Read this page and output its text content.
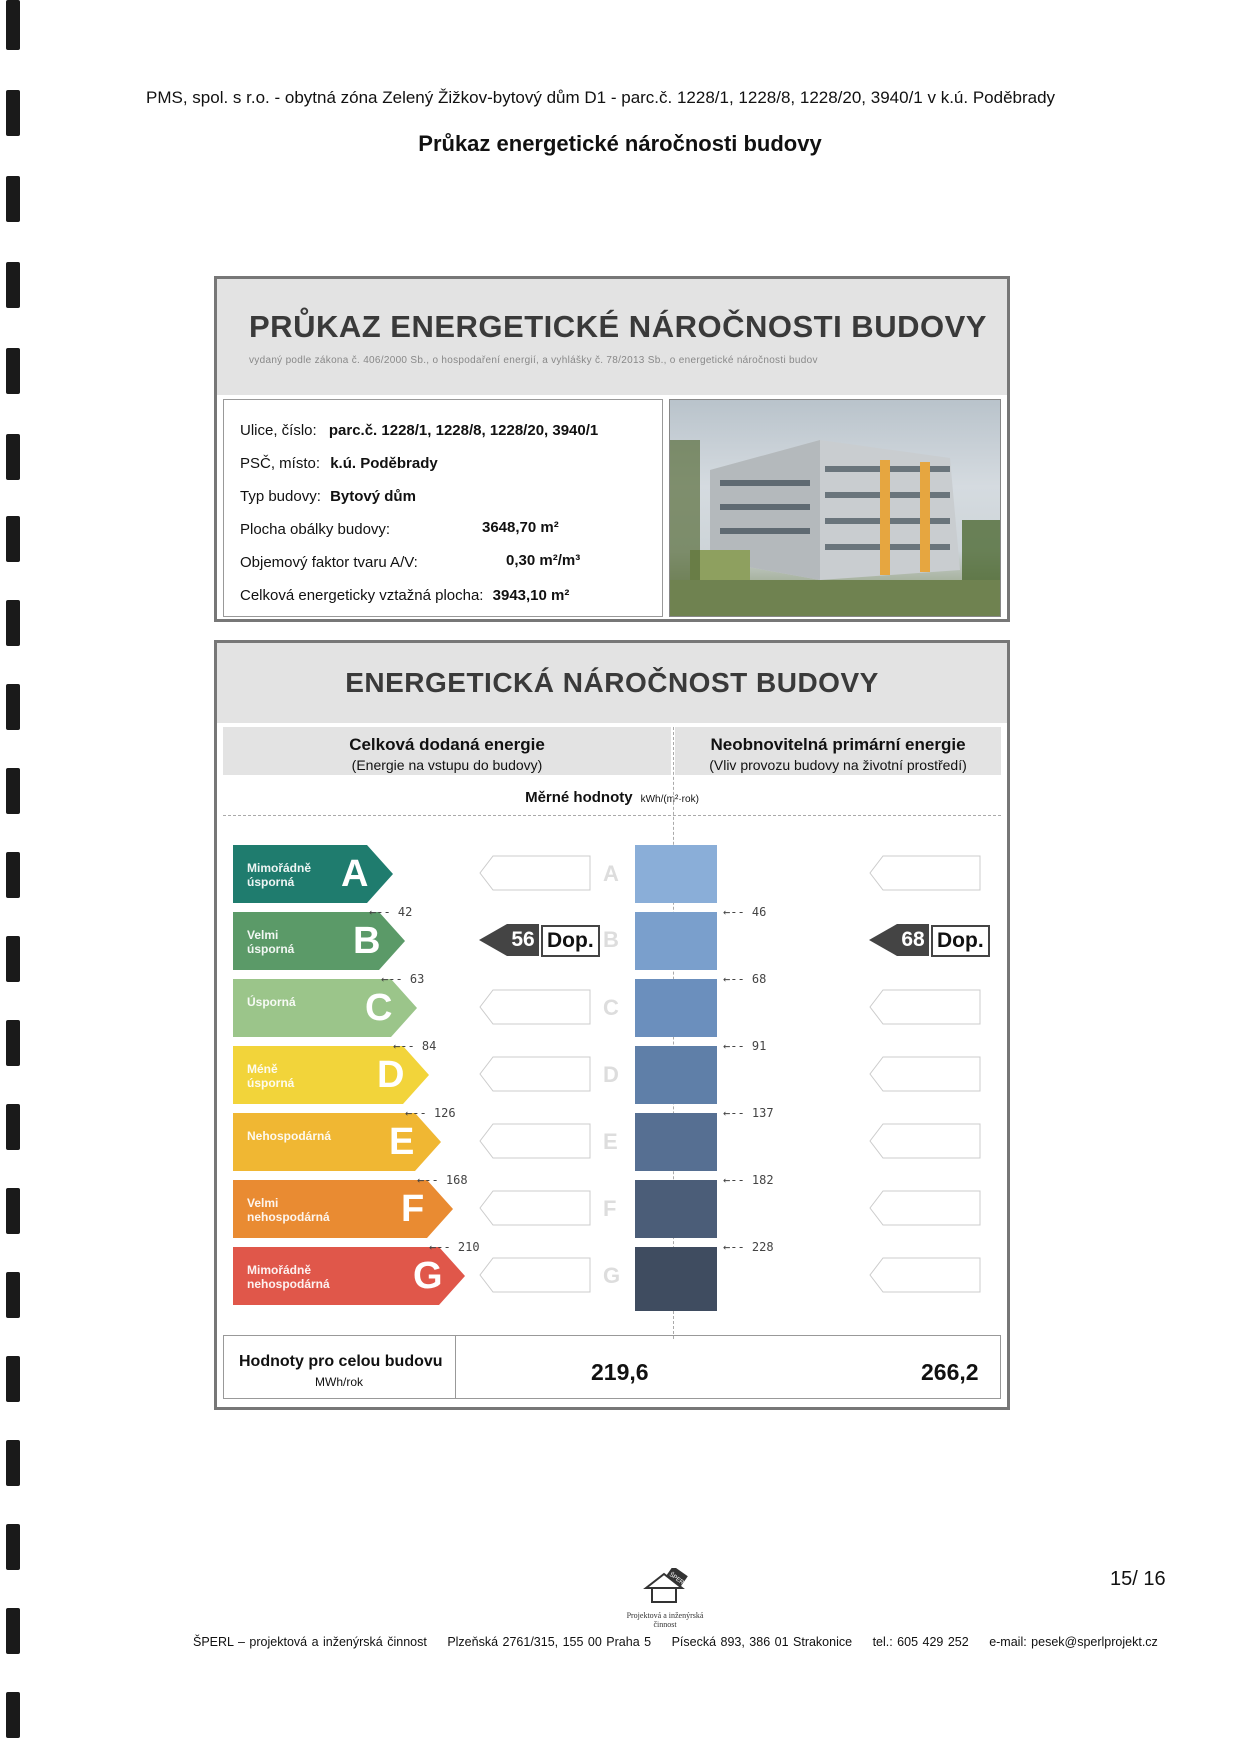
PMS, spol. s r.o. - obytná zóna Zelený Žižkov-bytový dům D1 - parc.č. 1228/1, 1228/8, 1228/20, 3940/1 v k.ú. Poděbrady
Průkaz energetické náročnosti budovy
PRŮKAZ ENERGETICKÉ NÁROČNOSTI BUDOVY
vydaný podle zákona č. 406/2000 Sb., o hospodaření energií, a vyhlášky č. 78/2013 Sb., o energetické náročnosti budov
Ulice, číslo: parc.č. 1228/1, 1228/8, 1228/20, 3940/1
PSČ, místo: k.ú. Poděbrady
Typ budovy: Bytový dům
Plocha obálky budovy:	3648,70 m²
Objemový faktor tvaru A/V:	0,30 m²/m³
Celková energeticky vztažná plocha: 3943,10 m²
ENERGETICKÁ NÁROČNOST BUDOVY
Celková dodaná energie
(Energie na vstupu do budovy)
Neobnovitelná primární energie
(Vliv provozu budovy na životní prostředí)
Měrné hodnoty kWh/(m²·rok)
Mimořádně
úsporná	A
Velmi
úsporná B
Úsporná C
Méně úsporná D
Nehospodárná E
Velmi
nehospodárná F
Mimořádně
nehospodárná G
←-- 42
←-- 63
←-- 84
←-- 126
←-- 168
←-- 210
A
C
D
E
F
G
56 Dop. B
←-- 46
←-- 68
←-- 91
←-- 137
←-- 182
←-- 228
68 Dop.
Hodnoty pro celou budovu
MWh/rok	219,6	266,2
15/ 16
ŠPERL
Projektová a inženýrská
činnost
ŠPERL – projektová a inženýrská činnost Plzeňská 2761/315, 155 00 Praha 5 Písecká 893, 386 01 Strakonice tel.: 605 429 252 e-mail: pesek@sperlprojekt.cz
